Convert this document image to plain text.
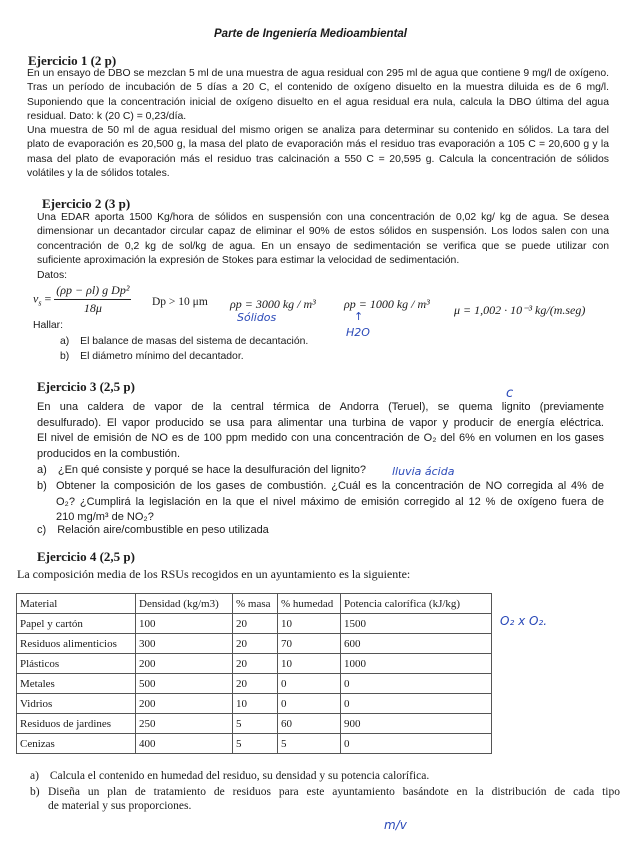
Parte de Ingeniería Medioambiental
Ejercicio 1 (2 p)
En un ensayo de DBO se mezclan 5 ml de una muestra de agua residual con 295 ml de agua que contiene 9 mg/l de oxígeno.
Tras un período de incubación de 5 días a 20 C, el contenido de oxígeno disuelto en la muestra diluida es de 6 mg/l.
Suponiendo que la concentración inicial de oxígeno disuelto en el agua residual era nula, calcula la DBO última del agua
residual. Dato: k (20 C) = 0,23/día.
Una muestra de 50 ml de agua residual del mismo origen se analiza para determinar su contenido en sólidos. La tara del
plato de evaporación es 20,500 g, la masa del plato de evaporación más el residuo tras evaporación a 105 C = 20,600 g y la
masa del plato de evaporación más el residuo tras calcinación a 550 C = 20,595 g. Calcula la concentración de sólidos
volátiles y la de sólidos totales.
Ejercicio 2 (3 p)
Una EDAR aporta 1500 Kg/hora de sólidos en suspensión con una concentración de 0,02 kg/ kg de agua. Se desea
dimensionar un decantador circular capaz de eliminar el 90% de estos sólidos en suspensión. Los lodos salen con una
concentración de 0,2 kg de sol/kg de agua. En un ensayo de sedimentación se verifica que se puede utilizar con
suficiente aproximación la expresión de Stokes para estimar la velocidad de sedimentación.
Datos:
$v_s = \frac{\text{(ρp − ρl) g Dp²}}{18\mu}$ Dp > 10 μm ρp = 3000 kg / m³ ρp = 1000 kg / m³ μ = 1,002 · 10⁻³ kg/(m.seg)
Sólidos	↑
H2O
Hallar:
a) El balance de masas del sistema de decantación.
b) El diámetro mínimo del decantador.
Ejercicio 3 (2,5 p)	c
En una caldera de vapor de la central térmica de Andorra (Teruel), se quema lignito (previamente
desulfurado). El vapor producido se usa para alimentar una turbina de vapor y producir de energía eléctrica.
El nivel de emisión de NO es de 100 ppm medido con una concentración de O₂ del 6% en volumen en los gases
producidos en la combustión.
a) ¿En qué consiste y porqué se hace la desulfuración del lignito? lluvia ácida
b) Obtener la composición de los gases de combustión. ¿Cuál es la concentración de NO corregida al 4% de
O₂? ¿Cumplirá la legislación en la que el nivel máximo de emisión corregido al 12 % de oxígeno fuera de
210 mg/m³ de NO₂?
c) Relación aire/combustible en peso utilizada
Ejercicio 4 (2,5 p)
La composición media de los RSUs recogidos en un ayuntamiento es la siguiente:
Material	Densidad (kg/m3)	% masa	% humedad	Potencia calorífica (kJ/kg)
Papel y cartón	100	20	10	1500
Residuos alimenticios	300	20	70	600
Plásticos	200	20	10	1000
Metales	500	20	0	0
Vidrios	200	10	0	0
Residuos de jardines	250	5	60	900
Cenizas	400	5	5	0
O₂ x O₂.
a) Calcula el contenido en humedad del residuo, su densidad y su potencia calorífica.
b) Diseña un plan de tratamiento de residuos para este ayuntamiento basándote en la distribución de cada tipo
de material y sus proporciones.
m/v
